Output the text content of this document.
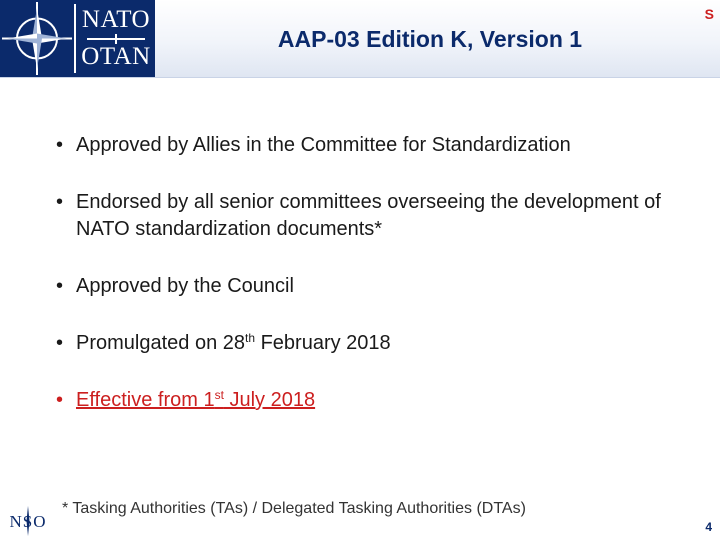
NATO
OTAN
AAP-03 Edition K, Version 1
S
• Approved by Allies in the Committee for Standardization
• Endorsed by all senior committees overseeing the development of NATO standardization documents*
• Approved by the Council
• Promulgated on 28th February 2018
• Effective from 1st July 2018
* Tasking Authorities (TAs) / Delegated Tasking Authorities (DTAs)
NSO	4
